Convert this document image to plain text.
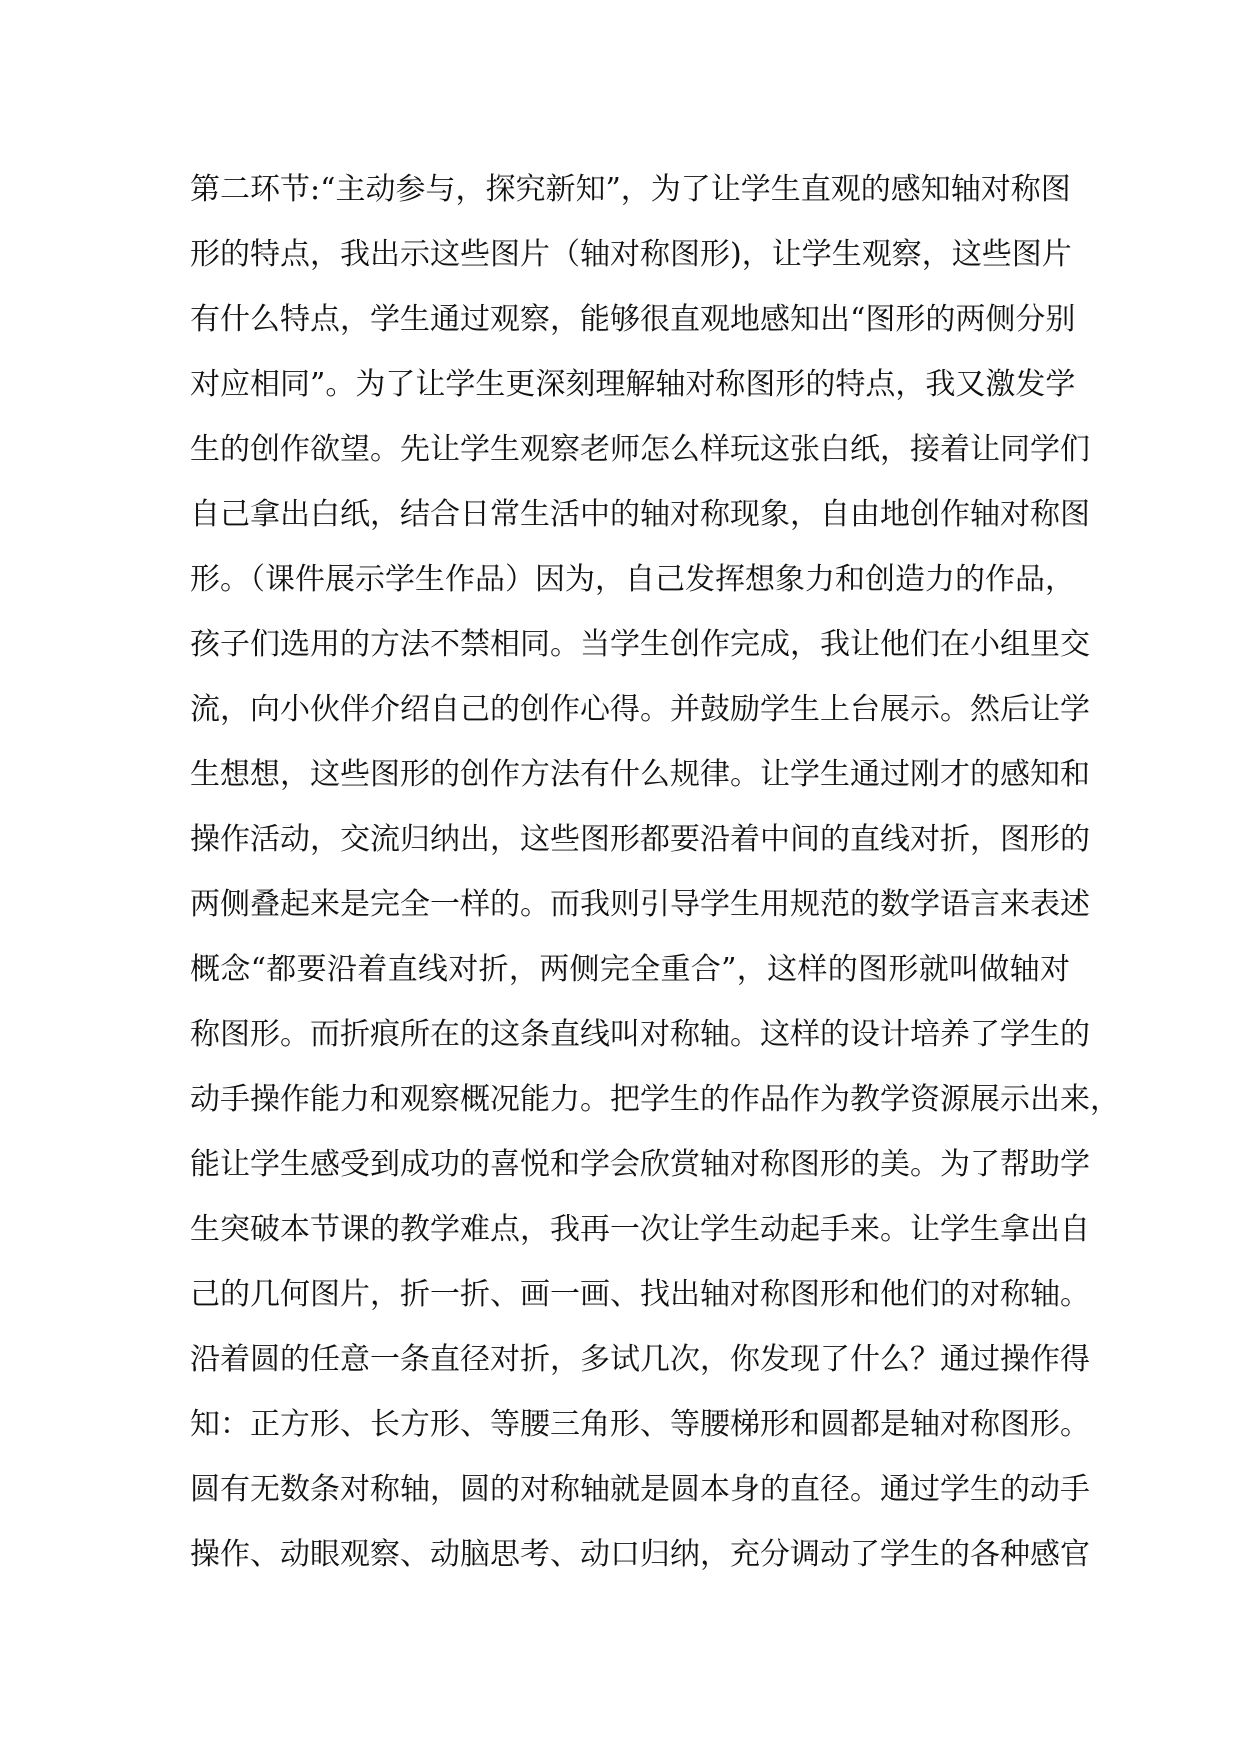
第二环节:“主动参与，探究新知”，为了让学生直观的感知轴对称图
形的特点，我出示这些图片（轴对称图形)，让学生观察，这些图片
有什么特点，学生通过观察，能够很直观地感知出“图形的两侧分别
对应相同”。为了让学生更深刻理解轴对称图形的特点，我又激发学
生的创作欲望。先让学生观察老师怎么样玩这张白纸，接着让同学们
自己拿出白纸，结合日常生活中的轴对称现象，自由地创作轴对称图
形。（课件展示学生作品）因为，自己发挥想象力和创造力的作品，
孩子们选用的方法不禁相同。当学生创作完成，我让他们在小组里交
流，向小伙伴介绍自己的创作心得。并鼓励学生上台展示。然后让学
生想想，这些图形的创作方法有什么规律。让学生通过刚才的感知和
操作活动，交流归纳出，这些图形都要沿着中间的直线对折，图形的
两侧叠起来是完全一样的。而我则引导学生用规范的数学语言来表述
概念“都要沿着直线对折，两侧完全重合”，这样的图形就叫做轴对
称图形。而折痕所在的这条直线叫对称轴。这样的设计培养了学生的
动手操作能力和观察概况能力。把学生的作品作为教学资源展示出来，
能让学生感受到成功的喜悦和学会欣赏轴对称图形的美。为了帮助学
生突破本节课的教学难点，我再一次让学生动起手来。让学生拿出自
己的几何图片，折一折、画一画、找出轴对称图形和他们的对称轴。
沿着圆的任意一条直径对折，多试几次，你发现了什么？通过操作得
知：正方形、长方形、等腰三角形、等腰梯形和圆都是轴对称图形。
圆有无数条对称轴，圆的对称轴就是圆本身的直径。通过学生的动手
操作、动眼观察、动脑思考、动口归纳，充分调动了学生的各种感官
